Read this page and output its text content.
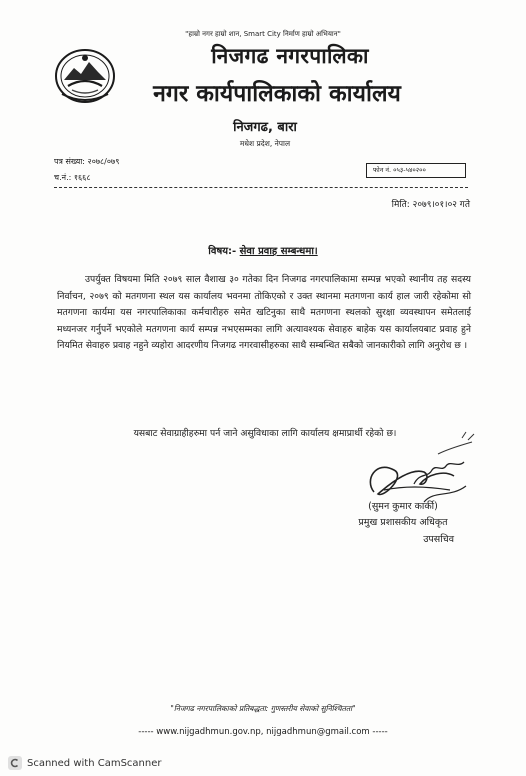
"हाम्रो नगर हाम्रो शान, Smart City निर्माण हाम्रो अभियान"
निजगढ नगरपालिका
नगर कार्यपालिकाको कार्यालय
निजगढ, बारा
मधेश प्रदेश, नेपाल
पत्र संख्या: २०७८/०७९
च.नं.: १६६८
फोन नं. ०५३-५४०२००
मिति: २०७९।०१।०२ गते
विषय:- सेवा प्रवाह सम्बन्धमा।

उपर्युक्त विषयमा मिति २०७९ साल वैशाख ३० गतेका दिन निजगढ नगरपालिकामा सम्पन्न भएको स्थानीय तह सदस्य निर्वाचन, २०७९ को मतगणना स्थल यस कार्यालय भवनमा तोकिएको र उक्त स्थानमा मतगणना कार्य हाल जारी रहेकोमा सो मतगणना कार्यमा यस नगरपालिकाका कर्मचारीहरु समेत खटिनुका साथै मतगणना स्थलको सुरक्षा व्यवस्थापन समेतलाई मध्यनजर गर्नुपर्ने भएकोले मतगणना कार्य सम्पन्न नभएसम्मका लागि अत्यावश्यक सेवाहरु बाहेक यस कार्यालयबाट प्रवाह हुने नियमित सेवाहरु प्रवाह नहुने व्यहोरा आदरणीय निजगढ नगरवासीहरुका साथै सम्बन्धित सबैको जानकारीको लागि अनुरोध छ ।

यसबाट सेवाग्राहीहरुमा पर्न जाने असुविधाका लागि कार्यालय क्षमाप्रार्थी रहेको छ।

(सुमन कुमार कार्की)
प्रमुख प्रशासकीय अधिकृत
उपसचिव
"निजगढ नगरपालिकाको प्रतिबद्धता: गुणस्तरीय सेवाको सुनिश्चितता"
----- www.nijgadhmun.gov.np, nijgadhmun@gmail.com -----
Scanned with CamScanner
